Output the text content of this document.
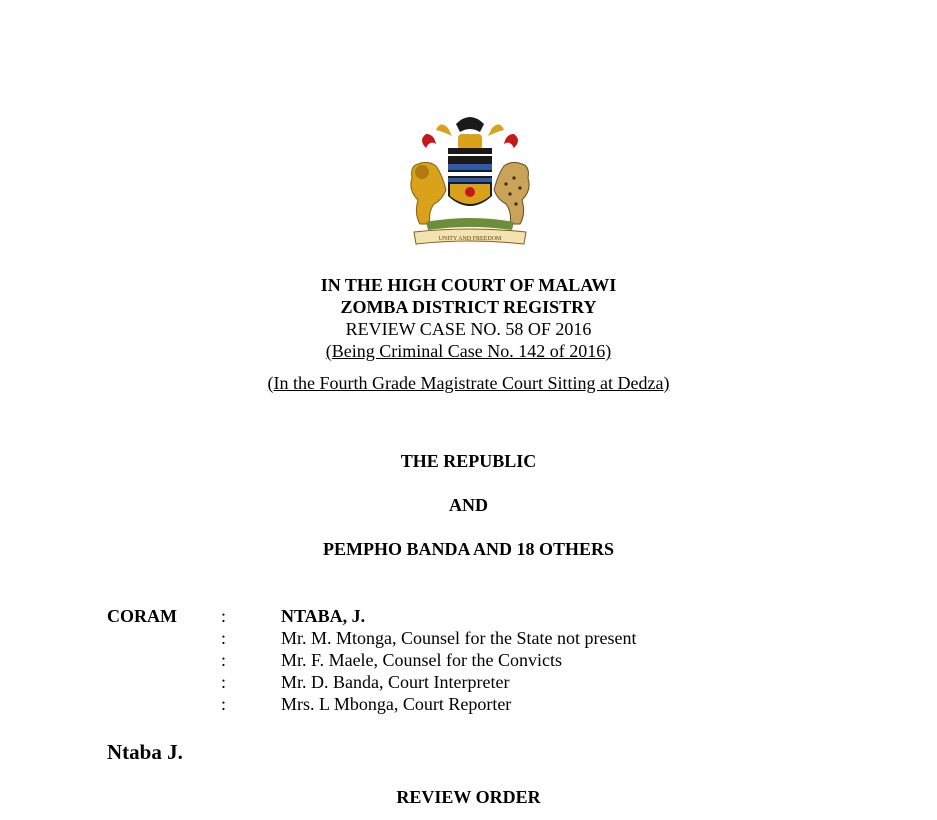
UNITY AND FREEDOM
IN THE HIGH COURT OF MALAWI
ZOMBA DISTRICT REGISTRY
REVIEW CASE NO. 58 OF 2016
(Being Criminal Case No. 142 of 2016)
(In the Fourth Grade Magistrate Court Sitting at Dedza)
THE REPUBLIC
AND
PEMPHO BANDA AND 18 OTHERS
CORAM :	NTABA, J.
:	Mr. M. Mtonga, Counsel for the State not present
:	Mr. F. Maele, Counsel for the Convicts
:	Mr. D. Banda, Court Interpreter
:	Mrs. L Mbonga, Court Reporter
Ntaba J.
REVIEW ORDER
